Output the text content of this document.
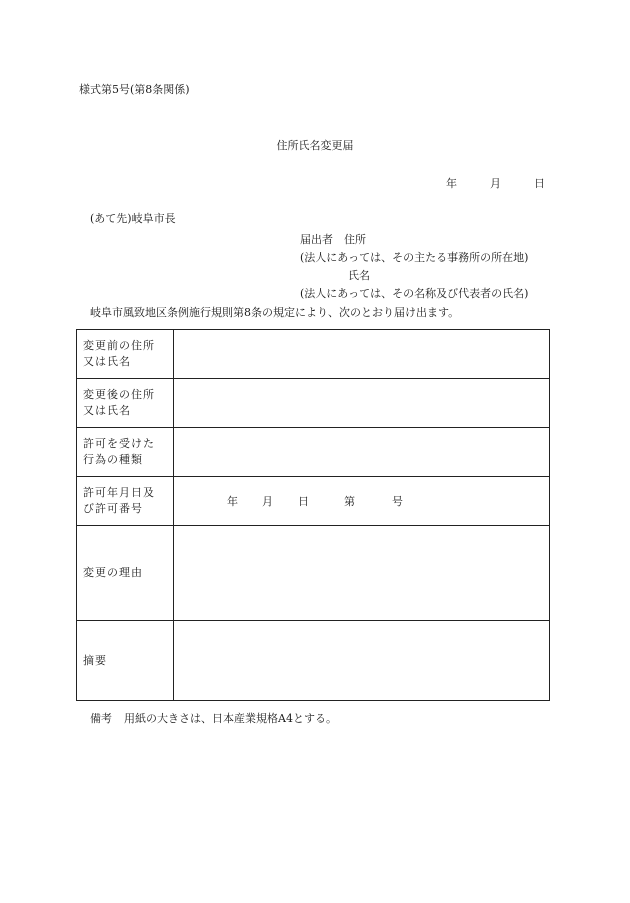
様式第5号(第8条関係)
住所氏名変更届
年	月	日
(あて先)岐阜市長
届出者　住所
(法人にあっては、その主たる事務所の所在地)
氏名
(法人にあっては、その名称及び代表者の氏名)
岐阜市風致地区条例施行規則第8条の規定により、次のとおり届け出ます。
変更前の住所
又は氏名	

変更後の住所
又は氏名	

許可を受けた
行為の種類	

許可年月日及
び許可番号	年 月 日 第 号

変更の理由	

摘要	

備考 用紙の大きさは、日本産業規格A4とする。
